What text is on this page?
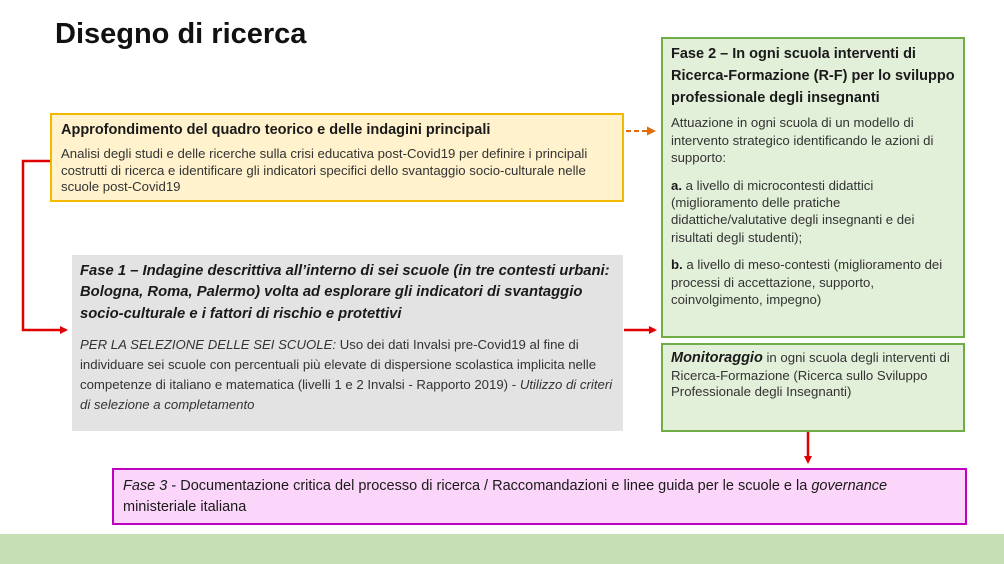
Disegno di ricerca
Approfondimento del quadro teorico e delle indagini principali
Analisi degli studi e delle ricerche sulla crisi educativa post-Covid19 per definire i principali costrutti di ricerca e identificare gli indicatori specifici dello svantaggio socio-culturale nelle scuole post-Covid19
Fase 1 – Indagine descrittiva all’interno di sei scuole (in tre contesti urbani: Bologna, Roma, Palermo) volta ad esplorare gli indicatori di svantaggio socio-culturale e i fattori di rischio e protettivi
PER LA SELEZIONE DELLE SEI SCUOLE: Uso dei dati Invalsi pre-Covid19 al fine di individuare sei scuole con percentuali più elevate di dispersione scolastica implicita nelle competenze di italiano e matematica (livelli 1 e 2 Invalsi - Rapporto 2019) - Utilizzo di criteri di selezione a completamento
Fase 2 – In ogni scuola interventi di Ricerca-Formazione (R-F) per lo sviluppo professionale degli insegnanti

Attuazione in ogni scuola di un modello di intervento strategico identificando le azioni di supporto:

a. a livello di microcontesti didattici (miglioramento delle pratiche didattiche/valutative degli insegnanti e dei risultati degli studenti);

b. a livello di meso-contesti (miglioramento dei processi di accettazione, supporto, coinvolgimento, impegno)

Monitoraggio in ogni scuola degli interventi di Ricerca-Formazione (Ricerca sullo Sviluppo Professionale degli Insegnanti)
Fase 3 - Documentazione critica del processo di ricerca / Raccomandazioni e linee guida per le scuole e la governance ministeriale italiana
